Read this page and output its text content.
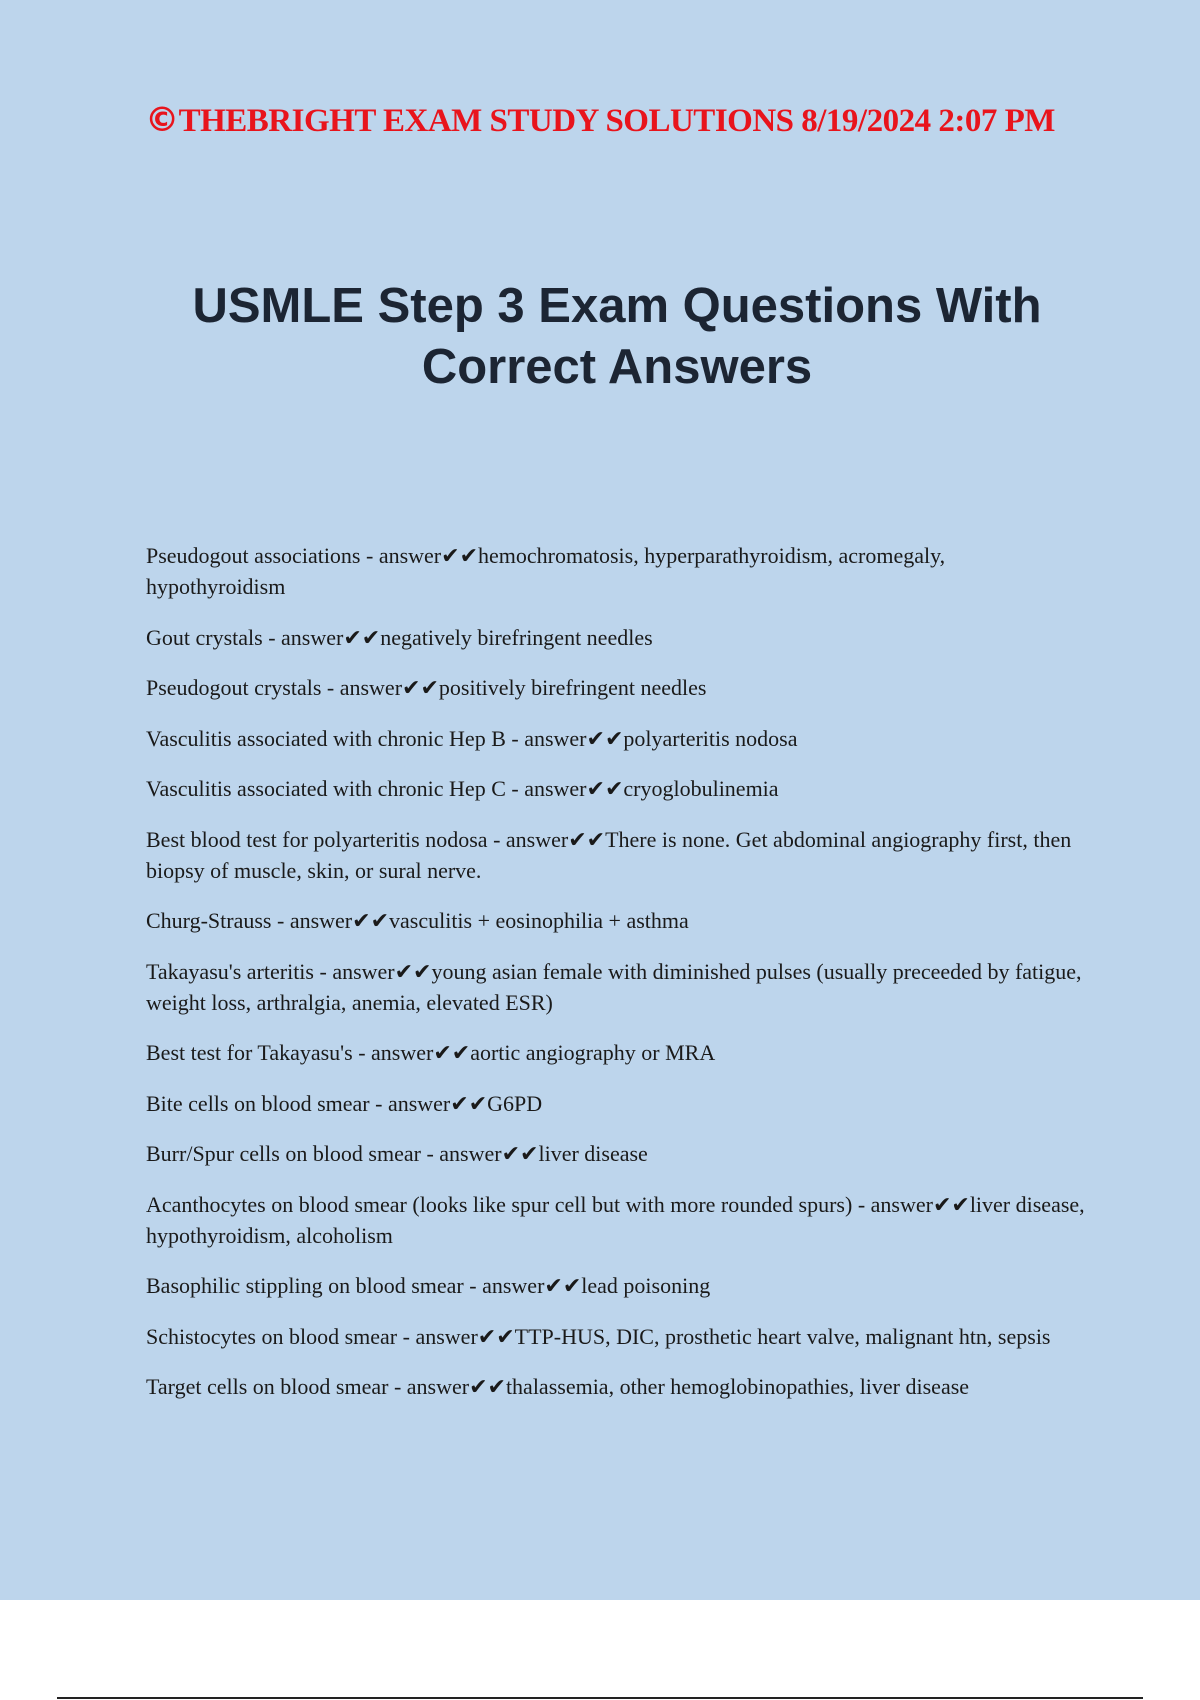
©THEBRIGHT EXAM STUDY SOLUTIONS 8/19/2024 2:07 PM
USMLE Step 3 Exam Questions With
Correct Answers
Pseudogout associations - answer✔✔hemochromatosis, hyperparathyroidism, acromegaly, hypothyroidism
Gout crystals - answer✔✔negatively birefringent needles
Pseudogout crystals - answer✔✔positively birefringent needles
Vasculitis associated with chronic Hep B - answer✔✔polyarteritis nodosa
Vasculitis associated with chronic Hep C - answer✔✔cryoglobulinemia
Best blood test for polyarteritis nodosa - answer✔✔There is none. Get abdominal angiography first, then biopsy of muscle, skin, or sural nerve.
Churg-Strauss - answer✔✔vasculitis + eosinophilia + asthma
Takayasu's arteritis - answer✔✔young asian female with diminished pulses (usually preceeded by fatigue, weight loss, arthralgia, anemia, elevated ESR)
Best test for Takayasu's - answer✔✔aortic angiography or MRA
Bite cells on blood smear - answer✔✔G6PD
Burr/Spur cells on blood smear - answer✔✔liver disease
Acanthocytes on blood smear (looks like spur cell but with more rounded spurs) - answer✔✔liver disease, hypothyroidism, alcoholism
Basophilic stippling on blood smear - answer✔✔lead poisoning
Schistocytes on blood smear - answer✔✔TTP-HUS, DIC, prosthetic heart valve, malignant htn, sepsis
Target cells on blood smear - answer✔✔thalassemia, other hemoglobinopathies, liver disease
